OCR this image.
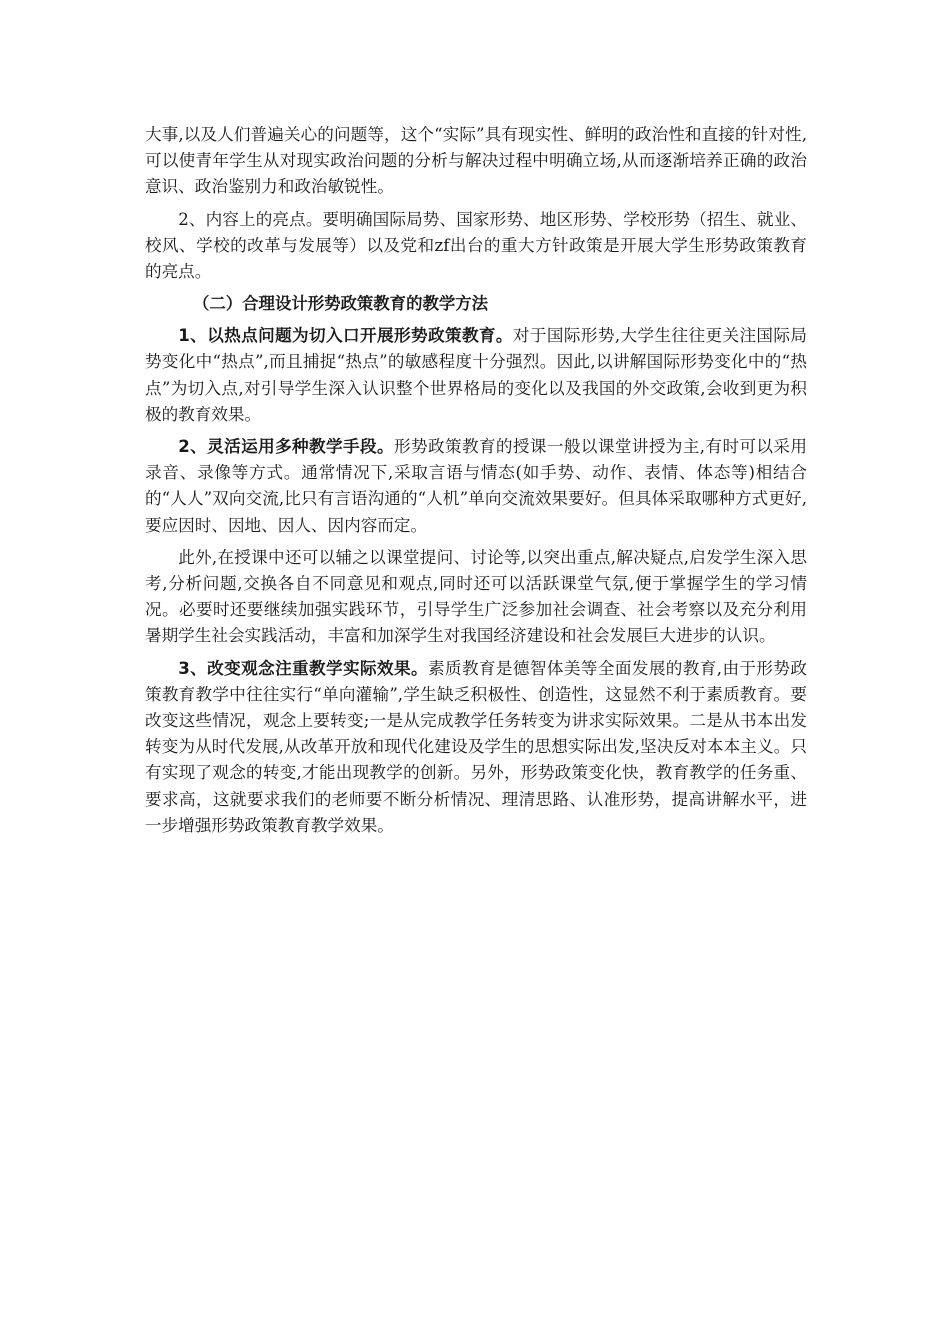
大事,以及人们普遍关心的问题等，这个“实际”具有现实性、鲜明的政治性和直接的针对性,可以使青年学生从对现实政治问题的分析与解决过程中明确立场,从而逐渐培养正确的政治意识、政治鉴别力和政治敏锐性。

2、内容上的亮点。要明确国际局势、国家形势、地区形势、学校形势（招生、就业、校风、学校的改革与发展等）以及党和zf出台的重大方针政策是开展大学生形势政策教育的亮点。

（二）合理设计形势政策教育的教学方法

1、以热点问题为切入口开展形势政策教育。对于国际形势,大学生往往更关注国际局势变化中“热点”,而且捕捉“热点”的敏感程度十分强烈。因此,以讲解国际形势变化中的“热点”为切入点,对引导学生深入认识整个世界格局的变化以及我国的外交政策,会收到更为积极的教育效果。

2、灵活运用多种教学手段。形势政策教育的授课一般以课堂讲授为主,有时可以采用录音、录像等方式。通常情况下,采取言语与情态(如手势、动作、表情、体态等)相结合的“人人”双向交流,比只有言语沟通的“人机”单向交流效果要好。但具体采取哪种方式更好,要应因时、因地、因人、因内容而定。

此外,在授课中还可以辅之以课堂提问、讨论等,以突出重点,解决疑点,启发学生深入思考,分析问题,交换各自不同意见和观点,同时还可以活跃课堂气氛,便于掌握学生的学习情况。必要时还要继续加强实践环节，引导学生广泛参加社会调查、社会考察以及充分利用暑期学生社会实践活动，丰富和加深学生对我国经济建设和社会发展巨大进步的认识。

3、改变观念注重教学实际效果。素质教育是德智体美等全面发展的教育,由于形势政策教育教学中往往实行“单向灌输”,学生缺乏积极性、创造性，这显然不利于素质教育。要改变这些情况，观念上要转变;一是从完成教学任务转变为讲求实际效果。二是从书本出发转变为从时代发展,从改革开放和现代化建设及学生的思想实际出发,坚决反对本本主义。只有实现了观念的转变,才能出现教学的创新。另外，形势政策变化快，教育教学的任务重、要求高，这就要求我们的老师要不断分析情况、理清思路、认准形势，提高讲解水平，进一步增强形势政策教育教学效果。
